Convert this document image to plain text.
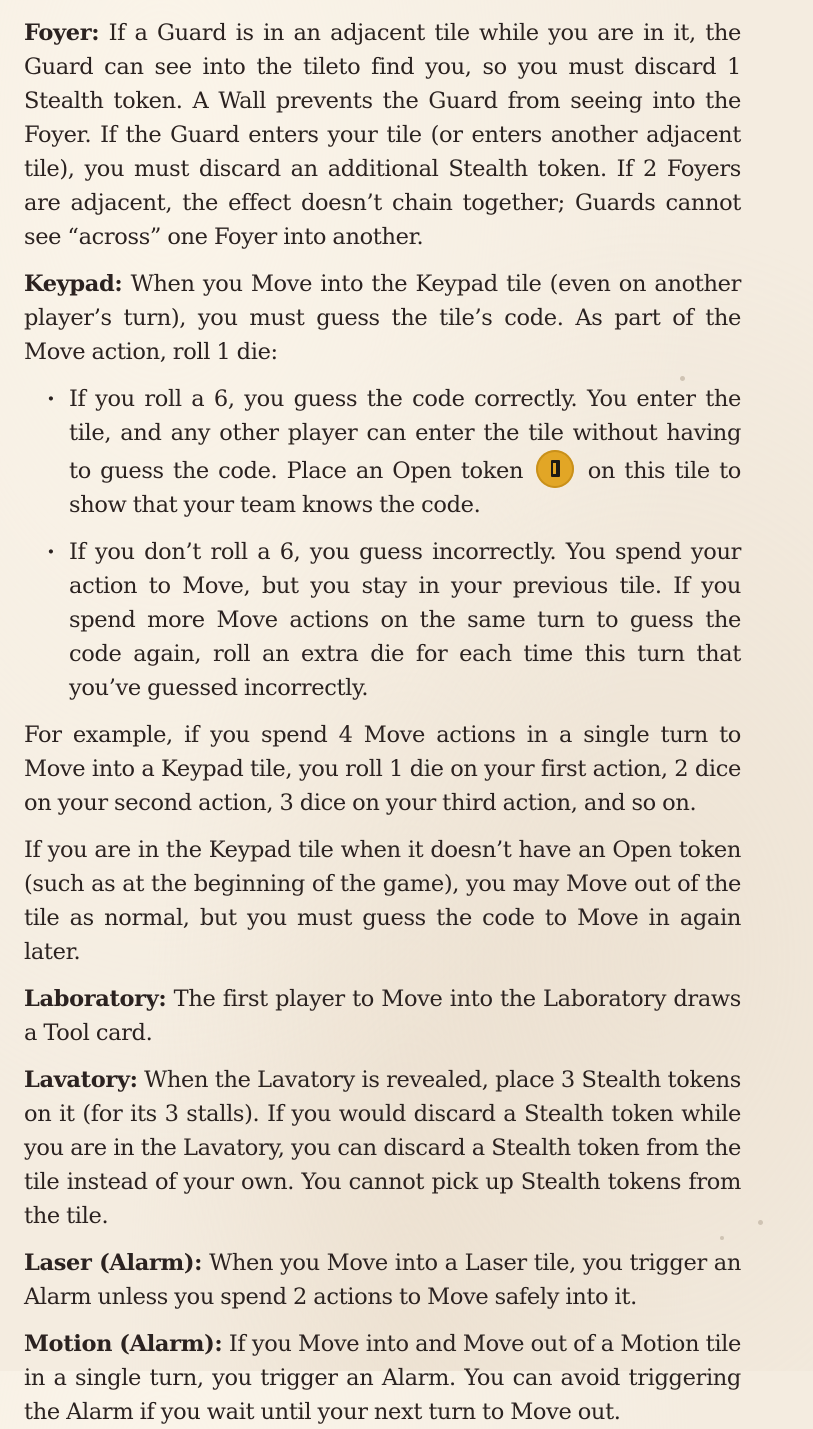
Foyer: If a Guard is in an adjacent tile while you are in it, the Guard can see into the tileto find you, so you must discard 1 Stealth token. A Wall prevents the Guard from seeing into the Foyer. If the Guard enters your tile (or enters another adjacent tile), you must discard an additional Stealth token. If 2 Foyers are adjacent, the effect doesn’t chain together; Guards cannot see “across” one Foyer into another.

Keypad: When you Move into the Keypad tile (even on another player’s turn), you must guess the tile’s code. As part of the Move action, roll 1 die:

· If you roll a 6, you guess the code correctly. You enter the tile, and any other player can enter the tile without having to guess the code. Place an Open token	on this tile to show that your team knows the code.
· If you don’t roll a 6, you guess incorrectly. You spend your action to Move, but you stay in your previous tile. If you spend more Move actions on the same turn to guess the code again, roll an extra die for each time this turn that you’ve guessed incorrectly.

For example, if you spend 4 Move actions in a single turn to Move into a Keypad tile, you roll 1 die on your first action, 2 dice on your second action, 3 dice on your third action, and so on.

If you are in the Keypad tile when it doesn’t have an Open token (such as at the beginning of the game), you may Move out of the tile as normal, but you must guess the code to Move in again later.

Laboratory: The first player to Move into the Laboratory draws a Tool card.

Lavatory: When the Lavatory is revealed, place 3 Stealth tokens on it (for its 3 stalls). If you would discard a Stealth token while you are in the Lavatory, you can discard a Stealth token from the tile instead of your own. You cannot pick up Stealth tokens from the tile.

Laser (Alarm): When you Move into a Laser tile, you trigger an Alarm unless you spend 2 actions to Move safely into it.

Motion (Alarm): If you Move into and Move out of a Motion tile in a single turn, you trigger an Alarm. You can avoid triggering the Alarm if you wait until your next turn to Move out.
